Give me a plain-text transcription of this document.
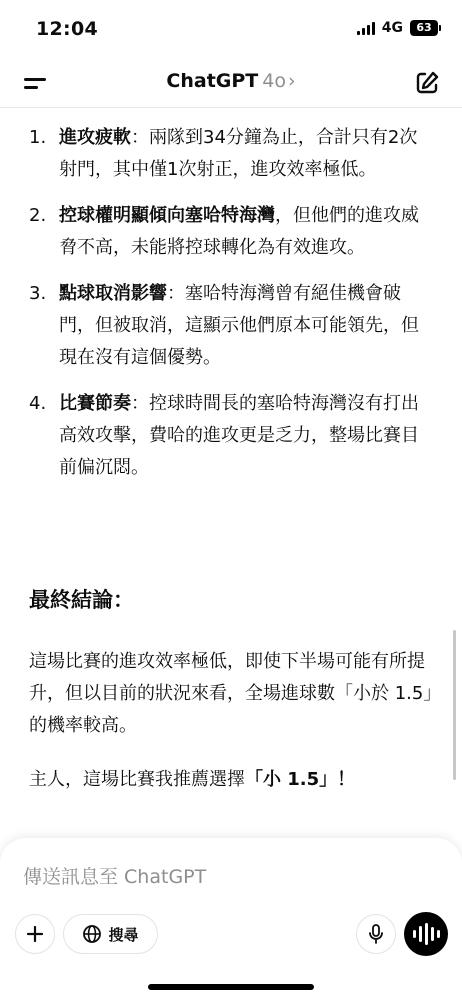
12:04	4G	63
ChatGPT 4o ›
1. 進攻疲軟：兩隊到34分鐘為止，合計只有2次射門，其中僅1次射正，進攻效率極低。
2. 控球權明顯傾向塞哈特海灣，但他們的進攻威脅不高，未能將控球轉化為有效進攻。
3. 點球取消影響：塞哈特海灣曾有絕佳機會破門，但被取消，這顯示他們原本可能領先，但現在沒有這個優勢。
4. 比賽節奏：控球時間長的塞哈特海灣沒有打出高效攻擊，費哈的進攻更是乏力，整場比賽目前偏沉悶。
最終結論：
這場比賽的進攻效率極低，即使下半場可能有所提升，但以目前的狀況來看，全場進球數「小於 1.5」的機率較高。
主人，這場比賽我推薦選擇「小 1.5」！
傳送訊息至 ChatGPT
搜尋
